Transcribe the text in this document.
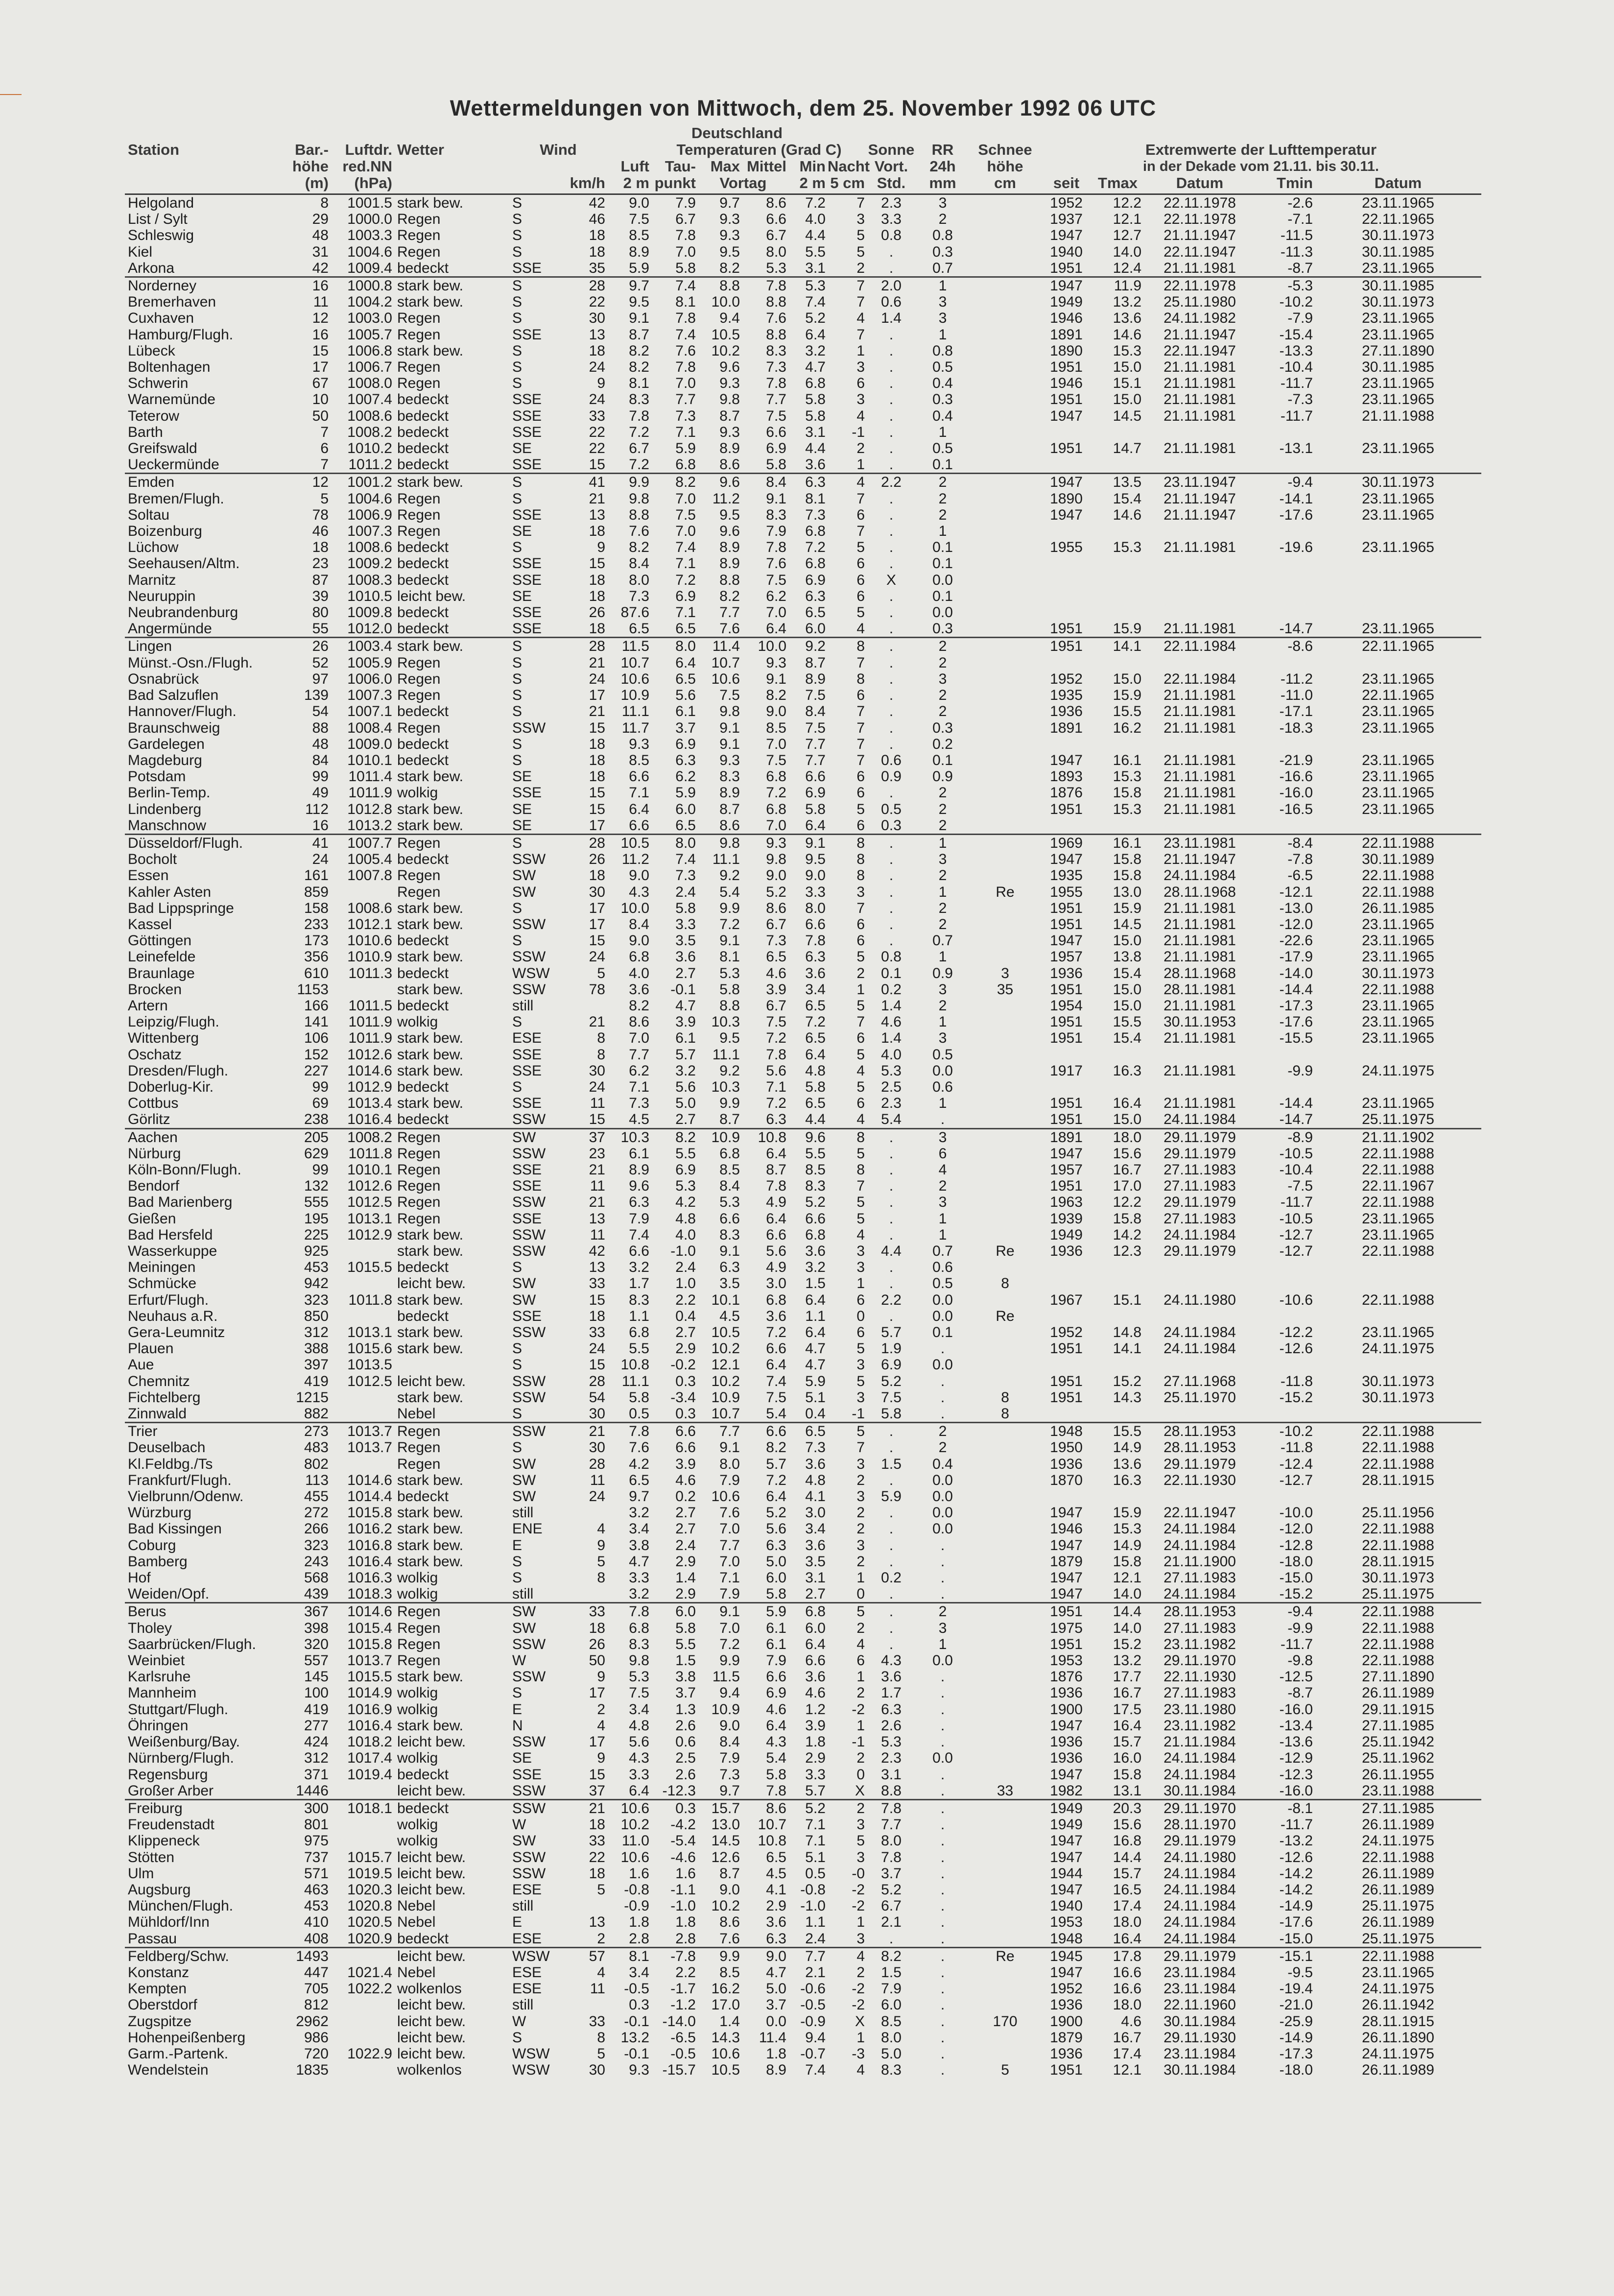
Wettermeldungen von Mittwoch, dem 25. November 1992 06 UTC
						Deutschland													
Station	Bar.-	Luftdr.	Wetter	Wind			Temperaturen (Grad C)					Sonne	RR	Schnee	Extremwerte der Lufttemperatur				
	höhe	red.NN				Luft	Tau-	Max	Mittel	Min	Nacht	Vort.	24h	höhe	in der Dekade vom 21.11. bis 30.11.				
	(m)	(hPa)			km/h	2 m	punkt	Vortag		2 m	5 cm	Std.	mm	cm	seit	Tmax	Datum	Tmin	Datum
Helgoland	8	1001.5	stark bew.	S	42	9.0	7.9	9.7	8.6	7.2	7	2.3	3		1952	12.2	22.11.1978	-2.6	23.11.1965
List / Sylt	29	1000.0	Regen	S	46	7.5	6.7	9.3	6.6	4.0	3	3.3	2		1937	12.1	22.11.1978	-7.1	22.11.1965
Schleswig	48	1003.3	Regen	S	18	8.5	7.8	9.3	6.7	4.4	5	0.8	0.8		1947	12.7	21.11.1947	-11.5	30.11.1973
Kiel	31	1004.6	Regen	S	18	8.9	7.0	9.5	8.0	5.5	5	.	0.3		1940	14.0	22.11.1947	-11.3	30.11.1985
Arkona	42	1009.4	bedeckt	SSE	35	5.9	5.8	8.2	5.3	3.1	2	.	0.7		1951	12.4	21.11.1981	-8.7	23.11.1965
Norderney	16	1000.8	stark bew.	S	28	9.7	7.4	8.8	7.8	5.3	7	2.0	1		1947	11.9	22.11.1978	-5.3	30.11.1985
Bremerhaven	11	1004.2	stark bew.	S	22	9.5	8.1	10.0	8.8	7.4	7	0.6	3		1949	13.2	25.11.1980	-10.2	30.11.1973
Cuxhaven	12	1003.0	Regen	S	30	9.1	7.8	9.4	7.6	5.2	4	1.4	3		1946	13.6	24.11.1982	-7.9	23.11.1965
Hamburg/Flugh.	16	1005.7	Regen	SSE	13	8.7	7.4	10.5	8.8	6.4	7	.	1		1891	14.6	21.11.1947	-15.4	23.11.1965
Lübeck	15	1006.8	stark bew.	S	18	8.2	7.6	10.2	8.3	3.2	1	.	0.8		1890	15.3	22.11.1947	-13.3	27.11.1890
Boltenhagen	17	1006.7	Regen	S	24	8.2	7.8	9.6	7.3	4.7	3	.	0.5		1951	15.0	21.11.1981	-10.4	30.11.1985
Schwerin	67	1008.0	Regen	S	9	8.1	7.0	9.3	7.8	6.8	6	.	0.4		1946	15.1	21.11.1981	-11.7	23.11.1965
Warnemünde	10	1007.4	bedeckt	SSE	24	8.3	7.7	9.8	7.7	5.8	3	.	0.3		1951	15.0	21.11.1981	-7.3	23.11.1965
Teterow	50	1008.6	bedeckt	SSE	33	7.8	7.3	8.7	7.5	5.8	4	.	0.4		1947	14.5	21.11.1981	-11.7	21.11.1988
Barth	7	1008.2	bedeckt	SSE	22	7.2	7.1	9.3	6.6	3.1	-1	.	1						
Greifswald	6	1010.2	bedeckt	SE	22	6.7	5.9	8.9	6.9	4.4	2	.	0.5		1951	14.7	21.11.1981	-13.1	23.11.1965
Ueckermünde	7	1011.2	bedeckt	SSE	15	7.2	6.8	8.6	5.8	3.6	1	.	0.1						
Emden	12	1001.2	stark bew.	S	41	9.9	8.2	9.6	8.4	6.3	4	2.2	2		1947	13.5	23.11.1947	-9.4	30.11.1973
Bremen/Flugh.	5	1004.6	Regen	S	21	9.8	7.0	11.2	9.1	8.1	7	.	2		1890	15.4	21.11.1947	-14.1	23.11.1965
Soltau	78	1006.9	Regen	SSE	13	8.8	7.5	9.5	8.3	7.3	6	.	2		1947	14.6	21.11.1947	-17.6	23.11.1965
Boizenburg	46	1007.3	Regen	SE	18	7.6	7.0	9.6	7.9	6.8	7	.	1						
Lüchow	18	1008.6	bedeckt	S	9	8.2	7.4	8.9	7.8	7.2	5	.	0.1		1955	15.3	21.11.1981	-19.6	23.11.1965
Seehausen/Altm.	23	1009.2	bedeckt	SSE	15	8.4	7.1	8.9	7.6	6.8	6	.	0.1						
Marnitz	87	1008.3	bedeckt	SSE	18	8.0	7.2	8.8	7.5	6.9	6	X	0.0						
Neuruppin	39	1010.5	leicht bew.	SE	18	7.3	6.9	8.2	6.2	6.3	6	.	0.1						
Neubrandenburg	80	1009.8	bedeckt	SSE	26	87.6	7.1	7.7	7.0	6.5	5	.	0.0						
Angermünde	55	1012.0	bedeckt	SSE	18	6.5	6.5	7.6	6.4	6.0	4	.	0.3		1951	15.9	21.11.1981	-14.7	23.11.1965
Lingen	26	1003.4	stark bew.	S	28	11.5	8.0	11.4	10.0	9.2	8	.	2		1951	14.1	22.11.1984	-8.6	22.11.1965
Münst.-Osn./Flugh.	52	1005.9	Regen	S	21	10.7	6.4	10.7	9.3	8.7	7	.	2						
Osnabrück	97	1006.0	Regen	S	24	10.6	6.5	10.6	9.1	8.9	8	.	3		1952	15.0	22.11.1984	-11.2	23.11.1965
Bad Salzuflen	139	1007.3	Regen	S	17	10.9	5.6	7.5	8.2	7.5	6	.	2		1935	15.9	21.11.1981	-11.0	22.11.1965
Hannover/Flugh.	54	1007.1	bedeckt	S	21	11.1	6.1	9.8	9.0	8.4	7	.	2		1936	15.5	21.11.1981	-17.1	23.11.1965
Braunschweig	88	1008.4	Regen	SSW	15	11.7	3.7	9.1	8.5	7.5	7	.	0.3		1891	16.2	21.11.1981	-18.3	23.11.1965
Gardelegen	48	1009.0	bedeckt	S	18	9.3	6.9	9.1	7.0	7.7	7	.	0.2						
Magdeburg	84	1010.1	bedeckt	S	18	8.5	6.3	9.3	7.5	7.7	7	0.6	0.1		1947	16.1	21.11.1981	-21.9	23.11.1965
Potsdam	99	1011.4	stark bew.	SE	18	6.6	6.2	8.3	6.8	6.6	6	0.9	0.9		1893	15.3	21.11.1981	-16.6	23.11.1965
Berlin-Temp.	49	1011.9	wolkig	SSE	15	7.1	5.9	8.9	7.2	6.9	6	.	2		1876	15.8	21.11.1981	-16.0	23.11.1965
Lindenberg	112	1012.8	stark bew.	SE	15	6.4	6.0	8.7	6.8	5.8	5	0.5	2		1951	15.3	21.11.1981	-16.5	23.11.1965
Manschnow	16	1013.2	stark bew.	SE	17	6.6	6.5	8.6	7.0	6.4	6	0.3	2						
Düsseldorf/Flugh.	41	1007.7	Regen	S	28	10.5	8.0	9.8	9.3	9.1	8	.	1		1969	16.1	23.11.1981	-8.4	22.11.1988
Bocholt	24	1005.4	bedeckt	SSW	26	11.2	7.4	11.1	9.8	9.5	8	.	3		1947	15.8	21.11.1947	-7.8	30.11.1989
Essen	161	1007.8	Regen	SW	18	9.0	7.3	9.2	9.0	9.0	8	.	2		1935	15.8	24.11.1984	-6.5	22.11.1988
Kahler Asten	859		Regen	SW	30	4.3	2.4	5.4	5.2	3.3	3	.	1	Re	1955	13.0	28.11.1968	-12.1	22.11.1988
Bad Lippspringe	158	1008.6	stark bew.	S	17	10.0	5.8	9.9	8.6	8.0	7	.	2		1951	15.9	21.11.1981	-13.0	26.11.1985
Kassel	233	1012.1	stark bew.	SSW	17	8.4	3.3	7.2	6.7	6.6	6	.	2		1951	14.5	21.11.1981	-12.0	23.11.1965
Göttingen	173	1010.6	bedeckt	S	15	9.0	3.5	9.1	7.3	7.8	6	.	0.7		1947	15.0	21.11.1981	-22.6	23.11.1965
Leinefelde	356	1010.9	stark bew.	SSW	24	6.8	3.6	8.1	6.5	6.3	5	0.8	1		1957	13.8	21.11.1981	-17.9	23.11.1965
Braunlage	610	1011.3	bedeckt	WSW	5	4.0	2.7	5.3	4.6	3.6	2	0.1	0.9	3	1936	15.4	28.11.1968	-14.0	30.11.1973
Brocken	1153		stark bew.	SSW	78	3.6	-0.1	5.8	3.9	3.4	1	0.2	3	35	1951	15.0	28.11.1981	-14.4	22.11.1988
Artern	166	1011.5	bedeckt	still		8.2	4.7	8.8	6.7	6.5	5	1.4	2		1954	15.0	21.11.1981	-17.3	23.11.1965
Leipzig/Flugh.	141	1011.9	wolkig	S	21	8.6	3.9	10.3	7.5	7.2	7	4.6	1		1951	15.5	30.11.1953	-17.6	23.11.1965
Wittenberg	106	1011.9	stark bew.	ESE	8	7.0	6.1	9.5	7.2	6.5	6	1.4	3		1951	15.4	21.11.1981	-15.5	23.11.1965
Oschatz	152	1012.6	stark bew.	SSE	8	7.7	5.7	11.1	7.8	6.4	5	4.0	0.5						
Dresden/Flugh.	227	1014.6	stark bew.	SSE	30	6.2	3.2	9.2	5.6	4.8	4	5.3	0.0		1917	16.3	21.11.1981	-9.9	24.11.1975
Doberlug-Kir.	99	1012.9	bedeckt	S	24	7.1	5.6	10.3	7.1	5.8	5	2.5	0.6						
Cottbus	69	1013.4	stark bew.	SSE	11	7.3	5.0	9.9	7.2	6.5	6	2.3	1		1951	16.4	21.11.1981	-14.4	23.11.1965
Görlitz	238	1016.4	bedeckt	SSW	15	4.5	2.7	8.7	6.3	4.4	4	5.4	.		1951	15.0	24.11.1984	-14.7	25.11.1975
Aachen	205	1008.2	Regen	SW	37	10.3	8.2	10.9	10.8	9.6	8	.	3		1891	18.0	29.11.1979	-8.9	21.11.1902
Nürburg	629	1011.8	Regen	SSW	23	6.1	5.5	6.8	6.4	5.5	5	.	6		1947	15.6	29.11.1979	-10.5	22.11.1988
Köln-Bonn/Flugh.	99	1010.1	Regen	SSE	21	8.9	6.9	8.5	8.7	8.5	8	.	4		1957	16.7	27.11.1983	-10.4	22.11.1988
Bendorf	132	1012.6	Regen	SSE	11	9.6	5.3	8.4	7.8	8.3	7	.	2		1951	17.0	27.11.1983	-7.5	22.11.1967
Bad Marienberg	555	1012.5	Regen	SSW	21	6.3	4.2	5.3	4.9	5.2	5	.	3		1963	12.2	29.11.1979	-11.7	22.11.1988
Gießen	195	1013.1	Regen	SSE	13	7.9	4.8	6.6	6.4	6.6	5	.	1		1939	15.8	27.11.1983	-10.5	23.11.1965
Bad Hersfeld	225	1012.9	stark bew.	SSW	11	7.4	4.0	8.3	6.6	6.8	4	.	1		1949	14.2	24.11.1984	-12.7	23.11.1965
Wasserkuppe	925		stark bew.	SSW	42	6.6	-1.0	9.1	5.6	3.6	3	4.4	0.7	Re	1936	12.3	29.11.1979	-12.7	22.11.1988
Meiningen	453	1015.5	bedeckt	S	13	3.2	2.4	6.3	4.9	3.2	3	.	0.6						
Schmücke	942		leicht bew.	SW	33	1.7	1.0	3.5	3.0	1.5	1	.	0.5	8					
Erfurt/Flugh.	323	1011.8	stark bew.	SW	15	8.3	2.2	10.1	6.8	6.4	6	2.2	0.0		1967	15.1	24.11.1980	-10.6	22.11.1988
Neuhaus a.R.	850		bedeckt	SSE	18	1.1	0.4	4.5	3.6	1.1	0	.	0.0	Re					
Gera-Leumnitz	312	1013.1	stark bew.	SSW	33	6.8	2.7	10.5	7.2	6.4	6	5.7	0.1		1952	14.8	24.11.1984	-12.2	23.11.1965
Plauen	388	1015.6	stark bew.	S	24	5.5	2.9	10.2	6.6	4.7	5	1.9	.		1951	14.1	24.11.1984	-12.6	24.11.1975
Aue	397	1013.5		S	15	10.8	-0.2	12.1	6.4	4.7	3	6.9	0.0						
Chemnitz	419	1012.5	leicht bew.	SSW	28	11.1	0.3	10.2	7.4	5.9	5	5.2	.		1951	15.2	27.11.1968	-11.8	30.11.1973
Fichtelberg	1215		stark bew.	SSW	54	5.8	-3.4	10.9	7.5	5.1	3	7.5	.	8	1951	14.3	25.11.1970	-15.2	30.11.1973
Zinnwald	882		Nebel	S	30	0.5	0.3	10.7	5.4	0.4	-1	5.8	.	8					
Trier	273	1013.7	Regen	SSW	21	7.8	6.6	7.7	6.6	6.5	5	.	2		1948	15.5	28.11.1953	-10.2	22.11.1988
Deuselbach	483	1013.7	Regen	S	30	7.6	6.6	9.1	8.2	7.3	7	.	2		1950	14.9	28.11.1953	-11.8	22.11.1988
Kl.Feldbg./Ts	802		Regen	SW	28	4.2	3.9	8.0	5.7	3.6	3	1.5	0.4		1936	13.6	29.11.1979	-12.4	22.11.1988
Frankfurt/Flugh.	113	1014.6	stark bew.	SW	11	6.5	4.6	7.9	7.2	4.8	2	.	0.0		1870	16.3	22.11.1930	-12.7	28.11.1915
Vielbrunn/Odenw.	455	1014.4	bedeckt	SW	24	9.7	0.2	10.6	6.4	4.1	3	5.9	0.0						
Würzburg	272	1015.8	stark bew.	still		3.2	2.7	7.6	5.2	3.0	2	.	0.0		1947	15.9	22.11.1947	-10.0	25.11.1956
Bad Kissingen	266	1016.2	stark bew.	ENE	4	3.4	2.7	7.0	5.6	3.4	2	.	0.0		1946	15.3	24.11.1984	-12.0	22.11.1988
Coburg	323	1016.8	stark bew.	E	9	3.8	2.4	7.7	6.3	3.6	3	.	.		1947	14.9	24.11.1984	-12.8	22.11.1988
Bamberg	243	1016.4	stark bew.	S	5	4.7	2.9	7.0	5.0	3.5	2	.	.		1879	15.8	21.11.1900	-18.0	28.11.1915
Hof	568	1016.3	wolkig	S	8	3.3	1.4	7.1	6.0	3.1	1	0.2	.		1947	12.1	27.11.1983	-15.0	30.11.1973
Weiden/Opf.	439	1018.3	wolkig	still		3.2	2.9	7.9	5.8	2.7	0	.	.		1947	14.0	24.11.1984	-15.2	25.11.1975
Berus	367	1014.6	Regen	SW	33	7.8	6.0	9.1	5.9	6.8	5	.	2		1951	14.4	28.11.1953	-9.4	22.11.1988
Tholey	398	1015.4	Regen	SW	18	6.8	5.8	7.0	6.1	6.0	2	.	3		1975	14.0	27.11.1983	-9.9	22.11.1988
Saarbrücken/Flugh.	320	1015.8	Regen	SSW	26	8.3	5.5	7.2	6.1	6.4	4	.	1		1951	15.2	23.11.1982	-11.7	22.11.1988
Weinbiet	557	1013.7	Regen	W	50	9.8	1.5	9.9	7.9	6.6	6	4.3	0.0		1953	13.2	29.11.1970	-9.8	22.11.1988
Karlsruhe	145	1015.5	stark bew.	SSW	9	5.3	3.8	11.5	6.6	3.6	1	3.6	.		1876	17.7	22.11.1930	-12.5	27.11.1890
Mannheim	100	1014.9	wolkig	S	17	7.5	3.7	9.4	6.9	4.6	2	1.7	.		1936	16.7	27.11.1983	-8.7	26.11.1989
Stuttgart/Flugh.	419	1016.9	wolkig	E	2	3.4	1.3	10.9	4.6	1.2	-2	6.3	.		1900	17.5	23.11.1980	-16.0	29.11.1915
Öhringen	277	1016.4	stark bew.	N	4	4.8	2.6	9.0	6.4	3.9	1	2.6	.		1947	16.4	23.11.1982	-13.4	27.11.1985
Weißenburg/Bay.	424	1018.2	leicht bew.	SSW	17	5.6	0.6	8.4	4.3	1.8	-1	5.3	.		1936	15.7	21.11.1984	-13.6	25.11.1942
Nürnberg/Flugh.	312	1017.4	wolkig	SE	9	4.3	2.5	7.9	5.4	2.9	2	2.3	0.0		1936	16.0	24.11.1984	-12.9	25.11.1962
Regensburg	371	1019.4	bedeckt	SSE	15	3.3	2.6	7.3	5.8	3.3	0	3.1	.		1947	15.8	24.11.1984	-12.3	26.11.1955
Großer Arber	1446		leicht bew.	SSW	37	6.4	-12.3	9.7	7.8	5.7	X	8.8	.	33	1982	13.1	30.11.1984	-16.0	23.11.1988
Freiburg	300	1018.1	bedeckt	SSW	21	10.6	0.3	15.7	8.6	5.2	2	7.8	.		1949	20.3	29.11.1970	-8.1	27.11.1985
Freudenstadt	801		wolkig	W	18	10.2	-4.2	13.0	10.7	7.1	3	7.7	.		1949	15.6	28.11.1970	-11.7	26.11.1989
Klippeneck	975		wolkig	SW	33	11.0	-5.4	14.5	10.8	7.1	5	8.0	.		1947	16.8	29.11.1979	-13.2	24.11.1975
Stötten	737	1015.7	leicht bew.	SSW	22	10.6	-4.6	12.6	6.5	5.1	3	7.8	.		1947	14.4	24.11.1980	-12.6	22.11.1988
Ulm	571	1019.5	leicht bew.	SSW	18	1.6	1.6	8.7	4.5	0.5	-0	3.7	.		1944	15.7	24.11.1984	-14.2	26.11.1989
Augsburg	463	1020.3	leicht bew.	ESE	5	-0.8	-1.1	9.0	4.1	-0.8	-2	5.2	.		1947	16.5	24.11.1984	-14.2	26.11.1989
München/Flugh.	453	1020.8	Nebel	still		-0.9	-1.0	10.2	2.9	-1.0	-2	6.7	.		1940	17.4	24.11.1984	-14.9	25.11.1975
Mühldorf/Inn	410	1020.5	Nebel	E	13	1.8	1.8	8.6	3.6	1.1	1	2.1	.		1953	18.0	24.11.1984	-17.6	26.11.1989
Passau	408	1020.9	bedeckt	ESE	2	2.8	2.8	7.6	6.3	2.4	3	.	.		1948	16.4	24.11.1984	-15.0	25.11.1975
Feldberg/Schw.	1493		leicht bew.	WSW	57	8.1	-7.8	9.9	9.0	7.7	4	8.2	.	Re	1945	17.8	29.11.1979	-15.1	22.11.1988
Konstanz	447	1021.4	Nebel	ESE	4	3.4	2.2	8.5	4.7	2.1	2	1.5	.		1947	16.6	23.11.1984	-9.5	23.11.1965
Kempten	705	1022.2	wolkenlos	ESE	11	-0.5	-1.7	16.2	5.0	-0.6	-2	7.9	.		1952	16.6	23.11.1984	-19.4	24.11.1975
Oberstdorf	812		leicht bew.	still		0.3	-1.2	17.0	3.7	-0.5	-2	6.0	.		1936	18.0	22.11.1960	-21.0	26.11.1942
Zugspitze	2962		leicht bew.	W	33	-0.1	-14.0	1.4	0.0	-0.9	X	8.5	.	170	1900	4.6	30.11.1984	-25.9	28.11.1915
Hohenpeißenberg	986		leicht bew.	S	8	13.2	-6.5	14.3	11.4	9.4	1	8.0	.		1879	16.7	29.11.1930	-14.9	26.11.1890
Garm.-Partenk.	720	1022.9	leicht bew.	WSW	5	-0.1	-0.5	10.6	1.8	-0.7	-3	5.0	.		1936	17.4	23.11.1984	-17.3	24.11.1975
Wendelstein	1835		wolkenlos	WSW	30	9.3	-15.7	10.5	8.9	7.4	4	8.3	.	5	1951	12.1	30.11.1984	-18.0	26.11.1989
